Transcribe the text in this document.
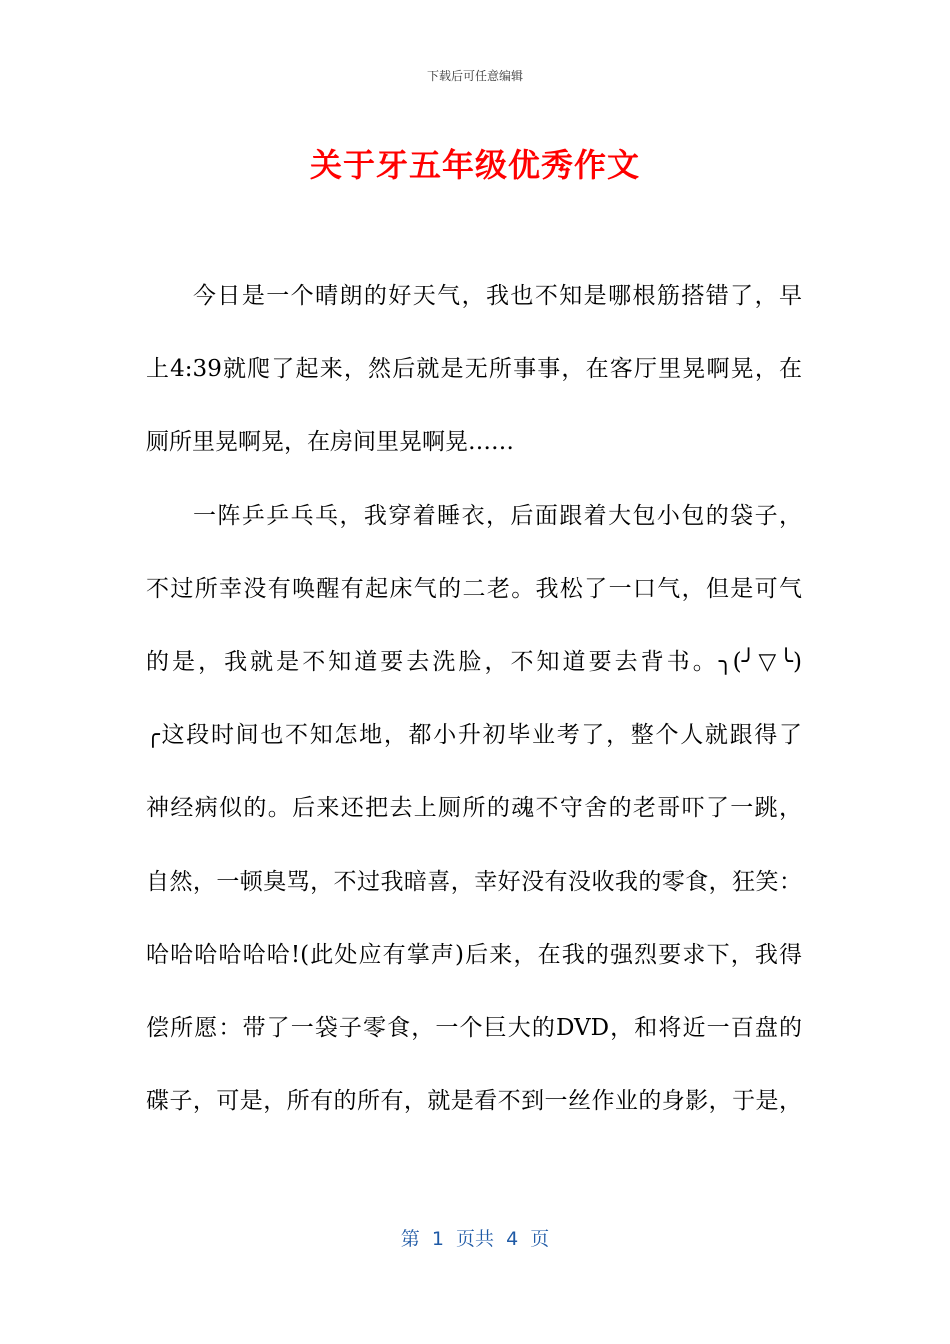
下载后可任意编辑
关于牙五年级优秀作文
今日是一个晴朗的好天气，我也不知是哪根筋搭错了，早
上4:39就爬了起来，然后就是无所事事，在客厅里晃啊晃，在
厕所里晃啊晃，在房间里晃啊晃……
一阵乒乒乓乓，我穿着睡衣，后面跟着大包小包的袋子，
不过所幸没有唤醒有起床气的二老。我松了一口气，但是可气
的是，我就是不知道要去洗脸，不知道要去背书。╮(╯▽╰)
╭这段时间也不知怎地，都小升初毕业考了，整个人就跟得了
神经病似的。后来还把去上厕所的魂不守舍的老哥吓了一跳，
自然，一顿臭骂，不过我暗喜，幸好没有没收我的零食，狂笑：
哈哈哈哈哈哈!(此处应有掌声)后来，在我的强烈要求下，我得
偿所愿：带了一袋子零食，一个巨大的DVD，和将近一百盘的
碟子，可是，所有的所有，就是看不到一丝作业的身影，于是，
第  1  页共  4  页
